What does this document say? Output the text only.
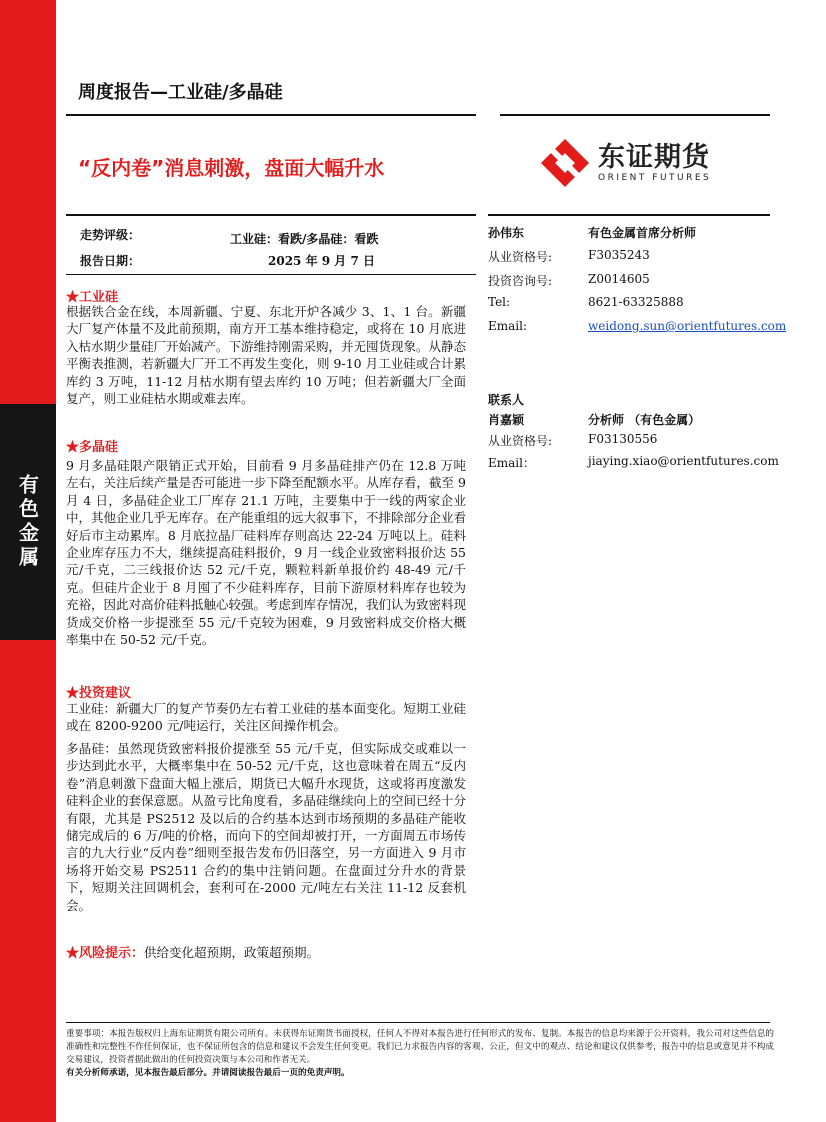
有色金属
周度报告—工业硅/多晶硅
“反内卷”消息刺激，盘面大幅升水	东证期货
ORIENT FUTURES
走势评级：	工业硅：看跌/多晶硅：看跌
报告日期：	2025 年 9 月 7 日
★工业硅
根据铁合金在线，本周新疆、宁夏、东北开炉各减少 3、1、1 台。新疆大厂复产体量不及此前预期，南方开工基本维持稳定，或将在 10 月底进入枯水期少量硅厂开始减产。下游维持刚需采购，并无囤货现象。从静态平衡表推测，若新疆大厂开工不再发生变化，则 9-10 月工业硅或合计累库约 3 万吨，11-12 月枯水期有望去库约 10 万吨；但若新疆大厂全面复产，则工业硅枯水期或难去库。
★多晶硅
9 月多晶硅限产限销正式开始，目前看 9 月多晶硅排产仍在 12.8 万吨左右，关注后续产量是否可能进一步下降至配额水平。从库存看，截至 9 月 4 日，多晶硅企业工厂库存 21.1 万吨，主要集中于一线的两家企业中，其他企业几乎无库存。在产能重组的远大叙事下，不排除部分企业看好后市主动累库。8 月底拉晶厂硅料库存则高达 22-24 万吨以上。硅料企业库存压力不大，继续提高硅料报价，9 月一线企业致密料报价达 55 元/千克，二三线报价达 52 元/千克，颗粒料新单报价约 48-49 元/千克。但硅片企业于 8 月囤了不少硅料库存，目前下游原材料库存也较为充裕，因此对高价硅料抵触心较强。考虑到库存情况，我们认为致密料现货成交价格一步提涨至 55 元/千克较为困难，9 月致密料成交价格大概率集中在 50-52 元/千克。
★投资建议
工业硅：新疆大厂的复产节奏仍左右着工业硅的基本面变化。短期工业硅或在 8200-9200 元/吨运行，关注区间操作机会。
多晶硅：虽然现货致密料报价提涨至 55 元/千克，但实际成交或难以一步达到此水平，大概率集中在 50-52 元/千克，这也意味着在周五“反内卷”消息刺激下盘面大幅上涨后，期货已大幅升水现货，这或将再度激发硅料企业的套保意愿。从盈亏比角度看，多晶硅继续向上的空间已经十分有限，尤其是 PS2512 及以后的合约基本达到市场预期的多晶硅产能收储完成后的 6 万/吨的价格，而向下的空间却被打开，一方面周五市场传言的九大行业“反内卷”细则至报告发布仍旧落空，另一方面进入 9 月市场将开始交易 PS2511 合约的集中注销问题。在盘面过分升水的背景下，短期关注回调机会，套利可在-2000 元/吨左右关注 11-12 反套机会。
★风险提示：供给变化超预期，政策超预期。
孙伟东	有色金属首席分析师
从业资格号:	F3035243
投资咨询号:	Z0014605
Tel:	8621-63325888
Email:	weidong.sun@orientfutures.com
联系人
肖嘉颖	分析师 （有色金属）
从业资格号:	F03130556
Email：	jiaying.xiao@orientfutures.com
重要事项：本报告版权归上海东证期货有限公司所有。未获得东证期货书面授权，任何人不得对本报告进行任何形式的发布、复制。本报告的信息均来源于公开资料，我公司对这些信息的准确性和完整性不作任何保证，也不保证所包含的信息和建议不会发生任何变更。我们已力求报告内容的客观、公正，但文中的观点、结论和建议仅供参考，报告中的信息或意见并不构成交易建议，投资者据此做出的任何投资决策与本公司和作者无关。
有关分析师承诺，见本报告最后部分。并请阅读报告最后一页的免责声明。
